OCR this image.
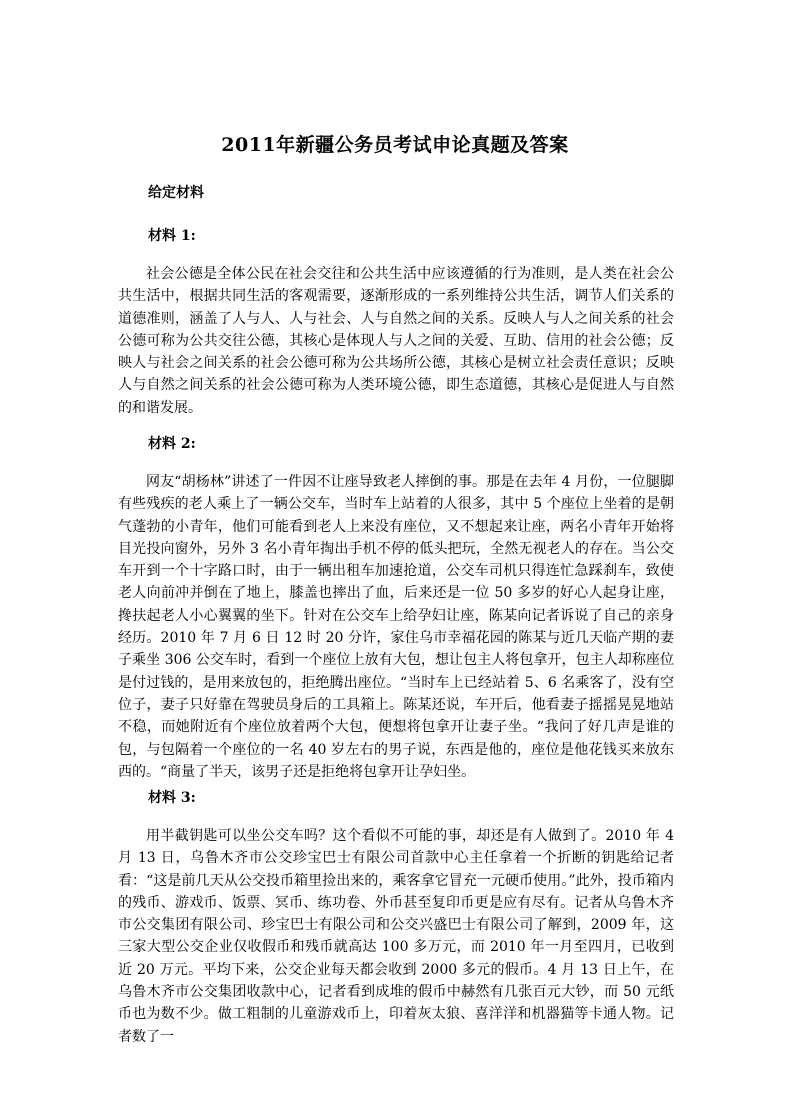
2011年新疆公务员考试申论真题及答案
给定材料
材料 1:
社会公德是全体公民在社会交往和公共生活中应该遵循的行为准则，是人类在社会公共生活中，根据共同生活的客观需要，逐渐形成的一系列维持公共生活，调节人们关系的道德准则，涵盖了人与人、人与社会、人与自然之间的关系。反映人与人之间关系的社会公德可称为公共交往公德，其核心是体现人与人之间的关爱、互助、信用的社会公德；反映人与社会之间关系的社会公德可称为公共场所公德，其核心是树立社会责任意识；反映人与自然之间关系的社会公德可称为人类环境公德，即生态道德，其核心是促进人与自然的和谐发展。
材料 2:
网友“胡杨林”讲述了一件因不让座导致老人摔倒的事。那是在去年 4 月份，一位腿脚有些残疾的老人乘上了一辆公交车，当时车上站着的人很多，其中 5 个座位上坐着的是朝气蓬勃的小青年，他们可能看到老人上来没有座位，又不想起来让座，两名小青年开始将目光投向窗外，另外 3 名小青年掏出手机不停的低头把玩，全然无视老人的存在。当公交车开到一个十字路口时，由于一辆出租车加速抢道，公交车司机只得连忙急踩刹车，致使老人向前冲并倒在了地上，膝盖也摔出了血，后来还是一位 50 多岁的好心人起身让座，搀扶起老人小心翼翼的坐下。针对在公交车上给孕妇让座，陈某向记者诉说了自己的亲身经历。2010 年 7 月 6 日 12 时 20 分许，家住乌市幸福花园的陈某与近几天临产期的妻子乘坐 306 公交车时，看到一个座位上放有大包，想让包主人将包拿开，包主人却称座位是付过钱的，是用来放包的，拒绝腾出座位。“当时车上已经站着 5、6 名乘客了，没有空位子，妻子只好靠在驾驶员身后的工具箱上。陈某还说，车开后，他看妻子摇摇晃晃地站不稳，而她附近有个座位放着两个大包，便想将包拿开让妻子坐。“我问了好几声是谁的包，与包隔着一个座位的一名 40 岁左右的男子说，东西是他的，座位是他花钱买来放东西的。“商量了半天，该男子还是拒绝将包拿开让孕妇坐。
材料 3:
用半截钥匙可以坐公交车吗？这个看似不可能的事，却还是有人做到了。2010 年 4 月 13 日，乌鲁木齐市公交珍宝巴士有限公司首款中心主任拿着一个折断的钥匙给记者看：“这是前几天从公交投币箱里捡出来的，乘客拿它冒充一元硬币使用。”此外，投币箱内的残币、游戏币、饭票、冥币、练功卷、外币甚至复印币更是应有尽有。记者从乌鲁木齐市公交集团有限公司、珍宝巴士有限公司和公交兴盛巴士有限公司了解到，2009 年，这三家大型公交企业仅收假币和残币就高达 100 多万元，而 2010 年一月至四月，已收到近 20 万元。平均下来，公交企业每天都会收到 2000 多元的假币。4 月 13 日上午，在乌鲁木齐市公交集团收款中心，记者看到成堆的假币中赫然有几张百元大钞，而 50 元纸币也为数不少。做工粗制的儿童游戏币上，印着灰太狼、喜洋洋和机器猫等卡通人物。记者数了一
